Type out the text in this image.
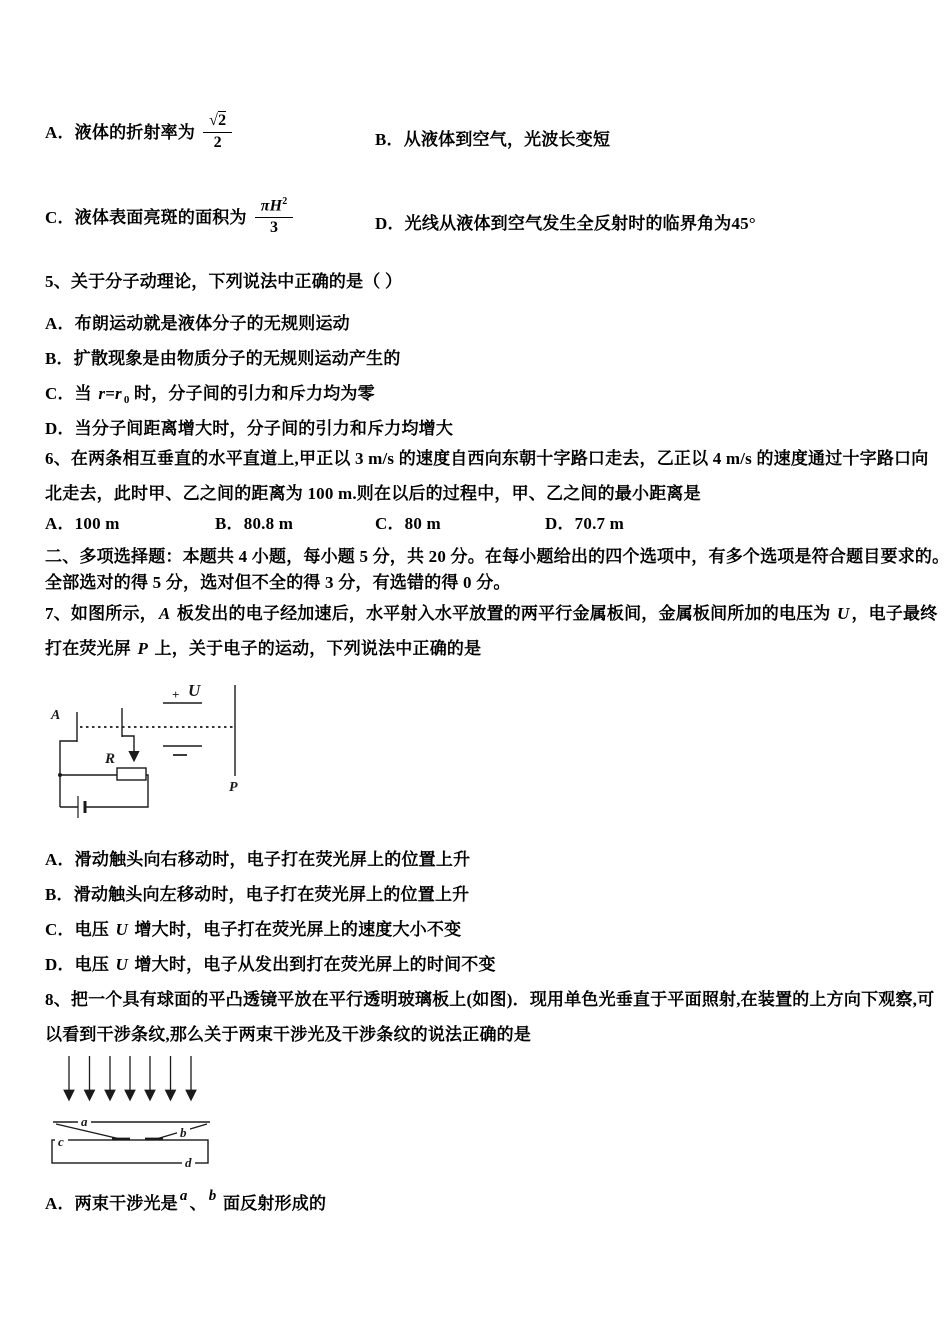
A．液体的折射率为 $\frac{√2}{2}$	B．从液体到空气，光波长变短
C．液体表面亮斑的面积为 $\frac{\pi H^2}{3}$	D．光线从液体到空气发生全反射时的临界角为45°
5、关于分子动理论，下列说法中正确的是（ ）
A．布朗运动就是液体分子的无规则运动
B．扩散现象是由物质分子的无规则运动产生的
C．当 r=r $_0$ 时，分子间的引力和斥力均为零
D．当分子间距离增大时，分子间的引力和斥力均增大
6、在两条相互垂直的水平直道上,甲正以 3 m/s 的速度自西向东朝十字路口走去，乙正以 4 m/s 的速度通过十字路口向
北走去，此时甲、乙之间的距离为 100 m.则在以后的过程中，甲、乙之间的最小距离是
A．100 m	B．80.8 m	C．80 m	D．70.7 m
二、多项选择题：本题共 4 小题，每小题 5 分，共 20 分。在每小题给出的四个选项中，有多个选项是符合题目要求的。
全部选对的得 5 分，选对但不全的得 3 分，有选错的得 0 分。
7、如图所示， A 板发出的电子经加速后，水平射入水平放置的两平行金属板间，金属板间所加的电压为 U ，电子最终
打在荧光屏 P 上，关于电子的运动，下列说法中正确的是
A
+ U
R
P
A．滑动触头向右移动时，电子打在荧光屏上的位置上升
B．滑动触头向左移动时，电子打在荧光屏上的位置上升
C．电压 U 增大时，电子打在荧光屏上的速度大小不变
D．电压 U 增大时，电子从发出到打在荧光屏上的时间不变
8、把一个具有球面的平凸透镜平放在平行透明玻璃板上(如图)．现用单色光垂直于平面照射,在装置的上方向下观察,可
以看到干涉条纹,那么关于两束干涉光及干涉条纹的说法正确的是
a
b
c
d
A．两束干涉光是 a 、 b 面反射形成的
